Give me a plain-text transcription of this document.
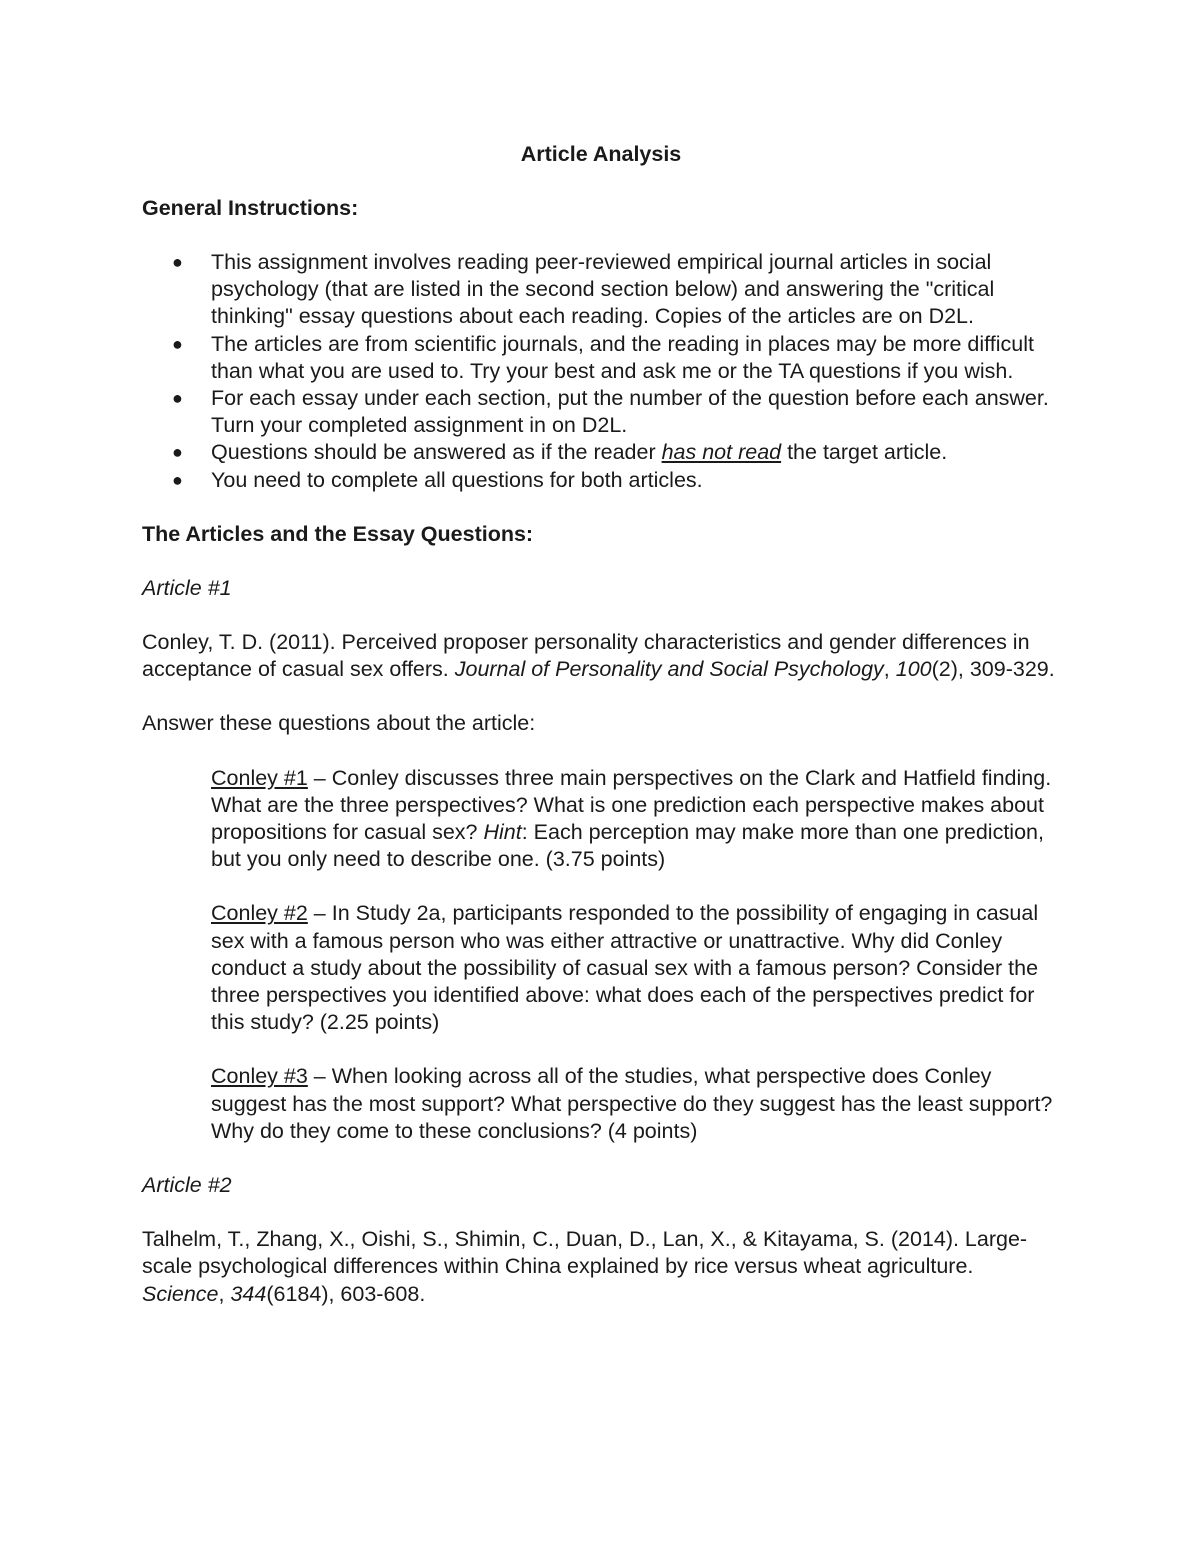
Article Analysis

General Instructions:

● This assignment involves reading peer-reviewed empirical journal articles in social psychology (that are listed in the second section below) and answering the "critical thinking" essay questions about each reading. Copies of the articles are on D2L.
● The articles are from scientific journals, and the reading in places may be more difficult than what you are used to. Try your best and ask me or the TA questions if you wish.
● For each essay under each section, put the number of the question before each answer. Turn your completed assignment in on D2L.
● Questions should be answered as if the reader has not read the target article.
● You need to complete all questions for both articles.

The Articles and the Essay Questions:

Article #1

Conley, T. D. (2011). Perceived proposer personality characteristics and gender differences in acceptance of casual sex offers. Journal of Personality and Social Psychology, 100(2), 309-329.

Answer these questions about the article:

Conley #1 – Conley discusses three main perspectives on the Clark and Hatfield finding. What are the three perspectives? What is one prediction each perspective makes about propositions for casual sex? Hint: Each perception may make more than one prediction, but you only need to describe one. (3.75 points)

Conley #2 – In Study 2a, participants responded to the possibility of engaging in casual sex with a famous person who was either attractive or unattractive. Why did Conley conduct a study about the possibility of casual sex with a famous person? Consider the three perspectives you identified above: what does each of the perspectives predict for this study? (2.25 points)

Conley #3 – When looking across all of the studies, what perspective does Conley suggest has the most support? What perspective do they suggest has the least support? Why do they come to these conclusions? (4 points)

Article #2

Talhelm, T., Zhang, X., Oishi, S., Shimin, C., Duan, D., Lan, X., & Kitayama, S. (2014). Large-scale psychological differences within China explained by rice versus wheat agriculture. Science, 344(6184), 603-608.
